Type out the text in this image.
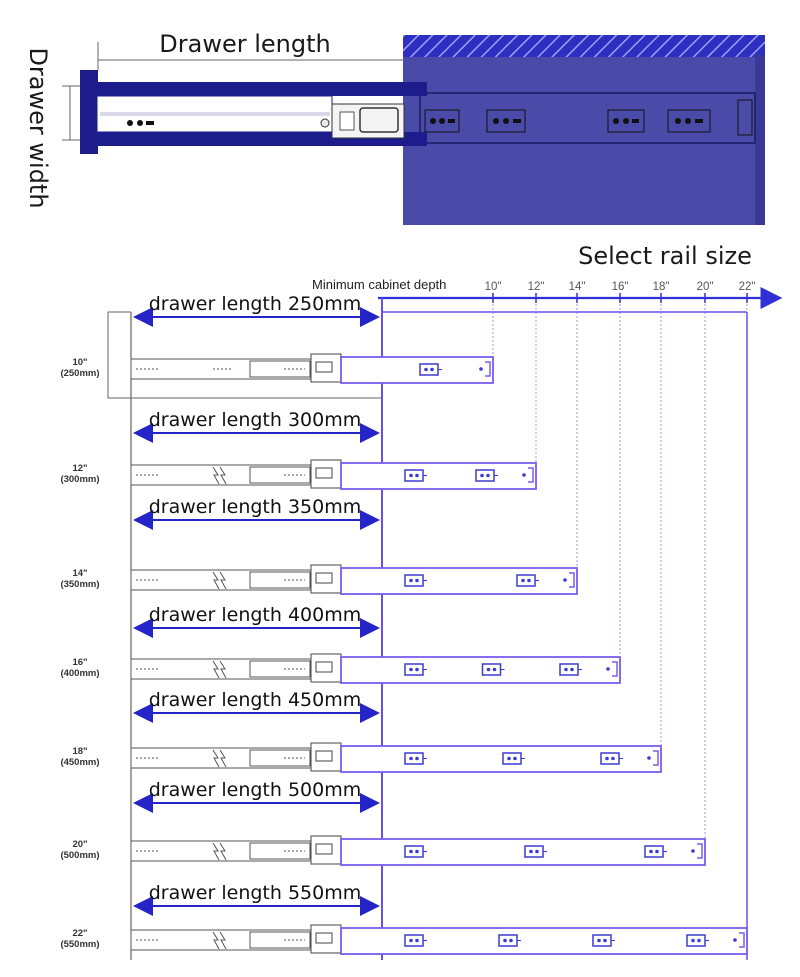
Drawer length
Drawer width
Select rail size
Minimum cabinet depth	10" 12" 14" 16" 18" 20" 22"
10"
(250mm)
drawer length 250mm
12"
(300mm)
drawer length 300mm
14"
(350mm)
drawer length 350mm
16"
(400mm)
drawer length 400mm
18"
(450mm)
drawer length 450mm
20"
(500mm)
drawer length 500mm
22"
(550mm)
drawer length 550mm
